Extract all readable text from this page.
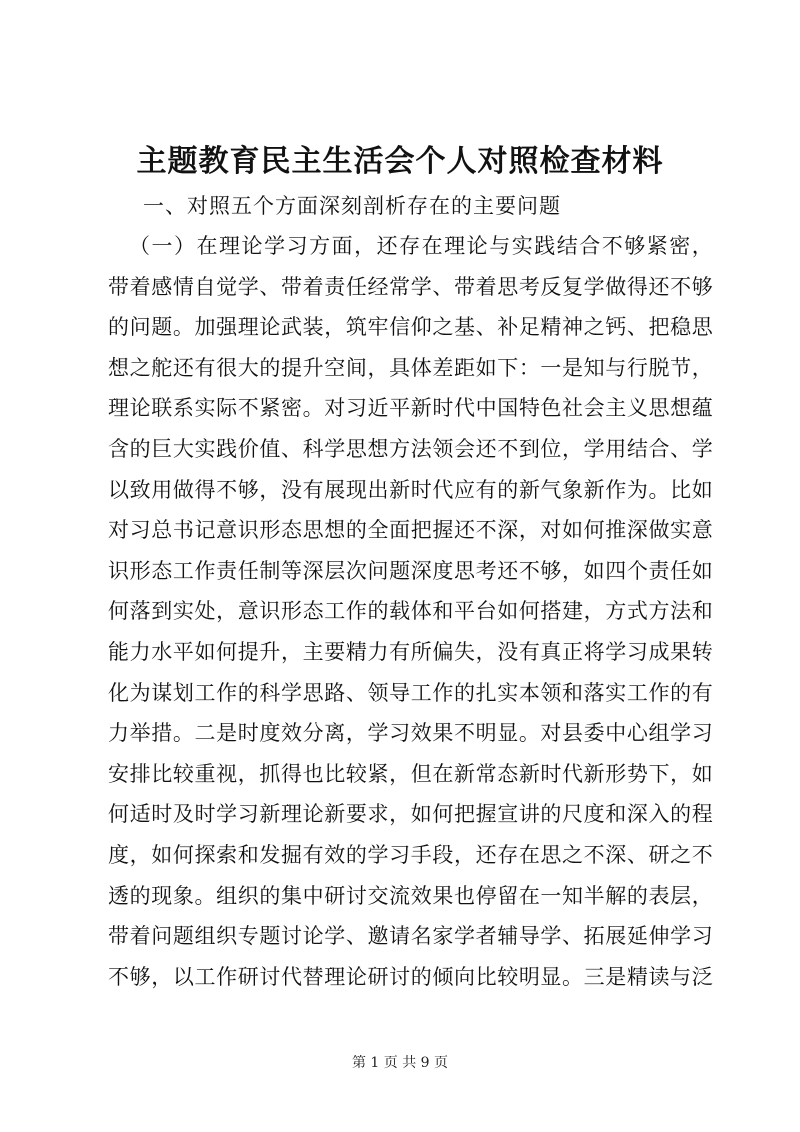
主题教育民主生活会个人对照检查材料
一、对照五个方面深刻剖析存在的主要问题
（一）在理论学习方面，还存在理论与实践结合不够紧密，
带着感情自觉学、带着责任经常学、带着思考反复学做得还不够
的问题。加强理论武装，筑牢信仰之基、补足精神之钙、把稳思
想之舵还有很大的提升空间，具体差距如下：一是知与行脱节，
理论联系实际不紧密。对习近平新时代中国特色社会主义思想蕴
含的巨大实践价值、科学思想方法领会还不到位，学用结合、学
以致用做得不够，没有展现出新时代应有的新气象新作为。比如
对习总书记意识形态思想的全面把握还不深，对如何推深做实意
识形态工作责任制等深层次问题深度思考还不够，如四个责任如
何落到实处，意识形态工作的载体和平台如何搭建，方式方法和
能力水平如何提升，主要精力有所偏失，没有真正将学习成果转
化为谋划工作的科学思路、领导工作的扎实本领和落实工作的有
力举措。二是时度效分离，学习效果不明显。对县委中心组学习
安排比较重视，抓得也比较紧，但在新常态新时代新形势下，如
何适时及时学习新理论新要求，如何把握宣讲的尺度和深入的程
度，如何探索和发掘有效的学习手段，还存在思之不深、研之不
透的现象。组织的集中研讨交流效果也停留在一知半解的表层，
带着问题组织专题讨论学、邀请名家学者辅导学、拓展延伸学习
不够，以工作研讨代替理论研讨的倾向比较明显。三是精读与泛
第 1 页 共 9 页
